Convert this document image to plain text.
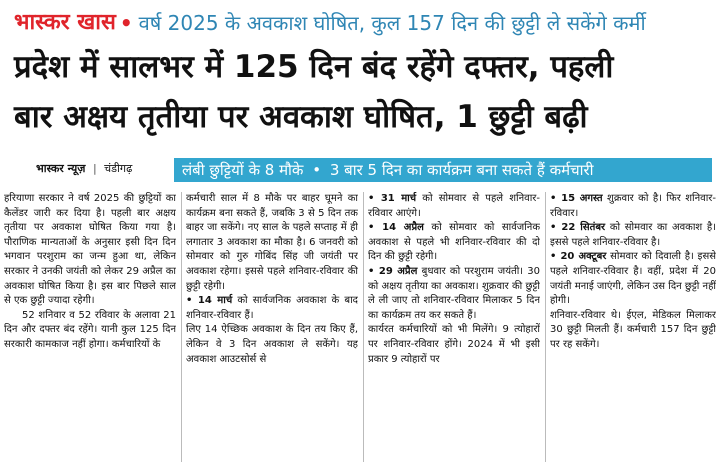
भास्कर खास • वर्ष 2025 के अवकाश घोषित, कुल 157 दिन की छुट्टी ले सकेंगे कर्मी
प्रदेश में सालभर में 125 दिन बंद रहेंगे दफ्तर, पहली
बार अक्षय तृतीया पर अवकाश घोषित, 1 छुट्टी बढ़ी
भास्कर न्यूज़ | चंडीगढ़	लंबी छुट्टियों के 8 मौके • 3 बार 5 दिन का कार्यक्रम बना सकते हैं कर्मचारी

हरियाणा सरकार ने वर्ष 2025 की छुट्टियों का कैलेंडर जारी कर दिया है। पहली बार अक्षय तृतीया पर अवकाश घोषित किया गया है। पौराणिक मान्यताओं के अनुसार इसी दिन दिन भगवान परशुराम का जन्म हुआ था, लेकिन सरकार ने उनकी जयंती को लेकर 29 अप्रैल का अवकाश घोषित किया है। इस बार पिछले साल से एक छुट्टी ज्यादा रहेगी।

52 शनिवार व 52 रविवार के अलावा 21 दिन और दफ्तर बंद रहेंगे। यानी कुल 125 दिन सरकारी कामकाज नहीं होगा। कर्मचारियों के

कर्मचारी साल में 8 मौके पर बाहर घूमने का कार्यक्रम बना सकते हैं, जबकि 3 से 5 दिन तक बाहर जा सकेंगे। नए साल के पहले सप्ताह में ही लगातार 3 अवकाश का मौका है। 6 जनवरी को सोमवार को गुरु गोबिंद सिंह जी जयंती पर अवकाश रहेगा। इससे पहले शनिवार-रविवार की छुट्टी रहेगी।

• 14 मार्च को सार्वजनिक अवकाश के बाद शनिवार-रविवार हैं।

लिए 14 ऐच्छिक अवकाश के दिन तय किए हैं, लेकिन वे 3 दिन अवकाश ले सकेंगे। यह अवकाश आउटसोर्स से

• 31 मार्च को सोमवार से पहले शनिवार-रविवार आएंगे।

• 14 अप्रैल को सोमवार को सार्वजनिक अवकाश से पहले भी शनिवार-रविवार की दो दिन की छुट्टी रहेगी।

• 29 अप्रैल बुधवार को परशुराम जयंती। 30 को अक्षय तृतीया का अवकाश। शुक्रवार की छुट्टी ले ली जाए तो शनिवार-रविवार मिलाकर 5 दिन का कार्यक्रम तय कर सकते हैं।

कार्यरत कर्मचारियों को भी मिलेंगे। 9 त्योहारों पर शनिवार-रविवार होंगे। 2024 में भी इसी प्रकार 9 त्योहारों पर

• 15 अगस्त शुक्रवार को है। फिर शनिवार-रविवार।

• 22 सितंबर को सोमवार का अवकाश है। इससे पहले शनिवार-रविवार है।

• 20 अक्टूबर सोमवार को दिवाली है। इससे पहले शनिवार-रविवार है। वहीं, प्रदेश में 20 जयंती मनाई जाएंगी, लेकिन उस दिन छुट्टी नहीं होगी।

शनिवार-रविवार थे। ईएल, मेडिकल मिलाकर 30 छुट्टी मिलती हैं। कर्मचारी 157 दिन छुट्टी पर रह सकेंगे।
